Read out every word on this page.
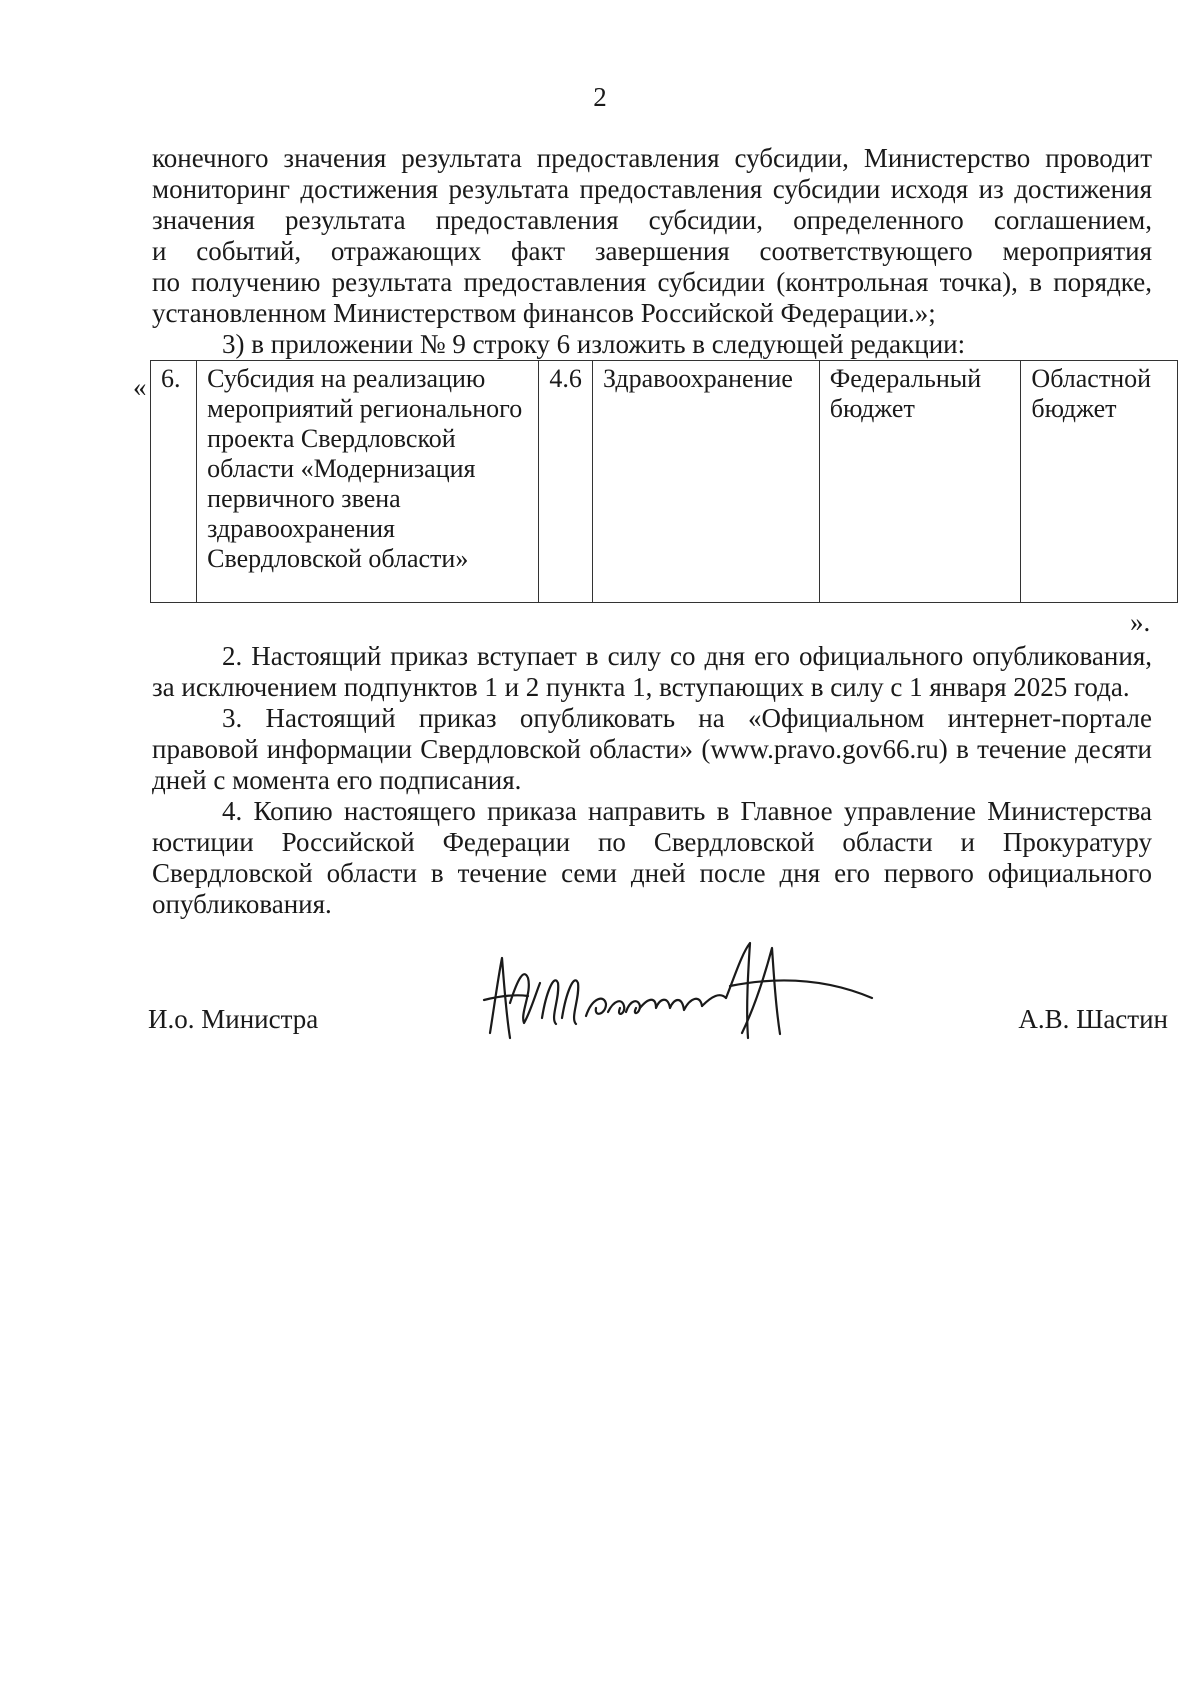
2
конечного значения результата предоставления субсидии, Министерство проводит
мониторинг достижения результата предоставления субсидии исходя из достижения
значения результата предоставления субсидии, определенного соглашением,
и событий, отражающих факт завершения соответствующего мероприятия
по получению результата предоставления субсидии (контрольная точка), в порядке,
установленном Министерством финансов Российской Федерации.»;
3) в приложении № 9 строку 6 изложить в следующей редакции:
« 6.	Субсидия на реализацию мероприятий регионального проекта Свердловской области «Модернизация первичного звена здравоохранения Свердловской области»	4.6	Здравоохранение	Федеральный бюджет	Областной бюджет
».
2. Настоящий приказ вступает в силу со дня его официального опубликования,
за исключением подпунктов 1 и 2 пункта 1, вступающих в силу с 1 января 2025 года.
3. Настоящий приказ опубликовать на «Официальном интернет-портале
правовой информации Свердловской области» (www.pravo.gov66.ru) в течение десяти
дней с момента его подписания.
4. Копию настоящего приказа направить в Главное управление Министерства
юстиции Российской Федерации по Свердловской области и Прокуратуру
Свердловской области в течение семи дней после дня его первого официального
опубликования.
И.о. Министра	А.В. Шастин
